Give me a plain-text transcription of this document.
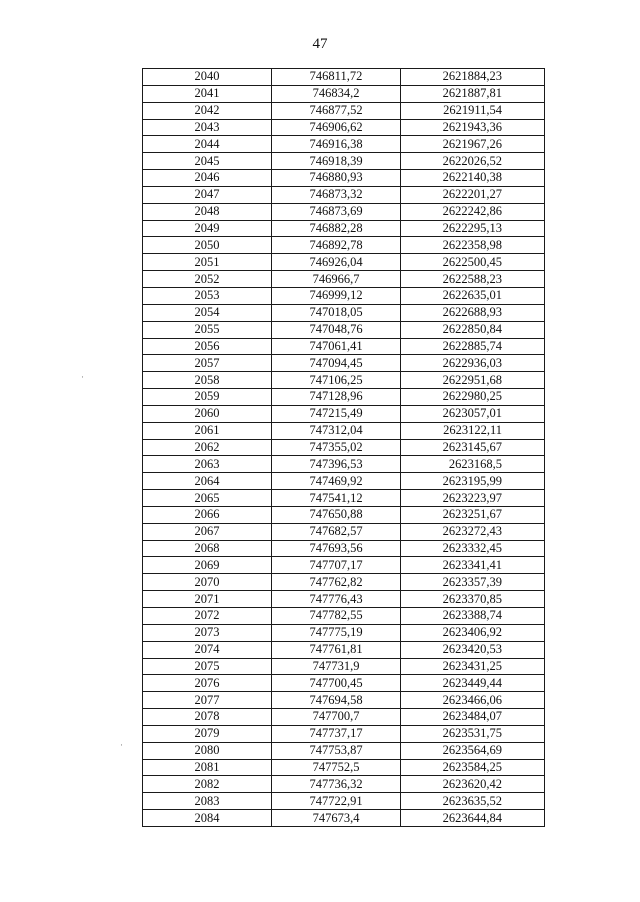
47
2040	746811,72	2621884,23
2041	746834,2	2621887,81
2042	746877,52	2621911,54
2043	746906,62	2621943,36
2044	746916,38	2621967,26
2045	746918,39	2622026,52
2046	746880,93	2622140,38
2047	746873,32	2622201,27
2048	746873,69	2622242,86
2049	746882,28	2622295,13
2050	746892,78	2622358,98
2051	746926,04	2622500,45
2052	746966,7	2622588,23
2053	746999,12	2622635,01
2054	747018,05	2622688,93
2055	747048,76	2622850,84
2056	747061,41	2622885,74
2057	747094,45	2622936,03
2058	747106,25	2622951,68
2059	747128,96	2622980,25
2060	747215,49	2623057,01
2061	747312,04	2623122,11
2062	747355,02	2623145,67
2063	747396,53	2623168,5
2064	747469,92	2623195,99
2065	747541,12	2623223,97
2066	747650,88	2623251,67
2067	747682,57	2623272,43
2068	747693,56	2623332,45
2069	747707,17	2623341,41
2070	747762,82	2623357,39
2071	747776,43	2623370,85
2072	747782,55	2623388,74
2073	747775,19	2623406,92
2074	747761,81	2623420,53
2075	747731,9	2623431,25
2076	747700,45	2623449,44
2077	747694,58	2623466,06
2078	747700,7	2623484,07
2079	747737,17	2623531,75
2080	747753,87	2623564,69
2081	747752,5	2623584,25
2082	747736,32	2623620,42
2083	747722,91	2623635,52
2084	747673,4	2623644,84
·
·
